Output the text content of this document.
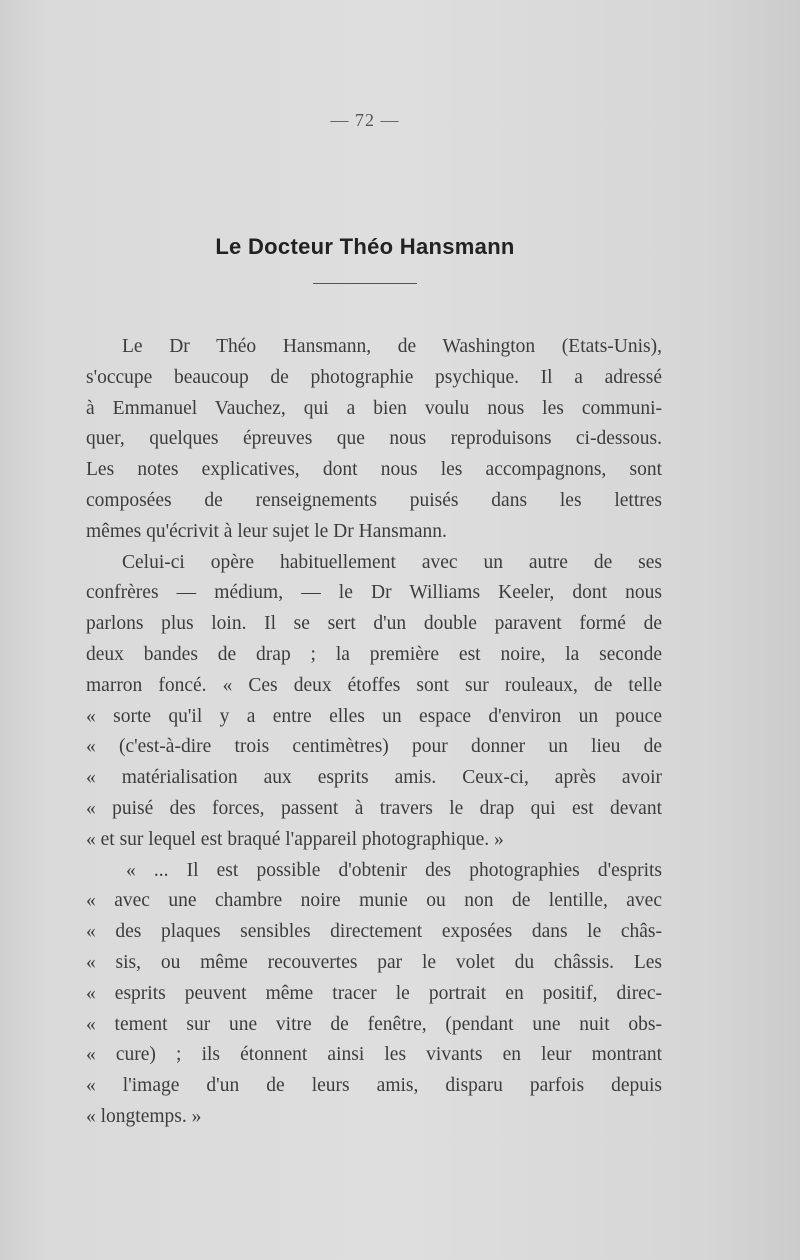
— 72 —
Le Docteur Théo Hansmann
Le Dr Théo Hansmann, de Washington (Etats-Unis),
s'occupe beaucoup de photographie psychique. Il a adressé
à Emmanuel Vauchez, qui a bien voulu nous les communi-
quer, quelques épreuves que nous reproduisons ci-dessous.
Les notes explicatives, dont nous les accompagnons, sont
composées de renseignements puisés dans les lettres
mêmes qu'écrivit à leur sujet le Dr Hansmann.
Celui-ci opère habituellement avec un autre de ses
confrères — médium, — le Dr Williams Keeler, dont nous
parlons plus loin. Il se sert d'un double paravent formé de
deux bandes de drap ; la première est noire, la seconde
marron foncé. « Ces deux étoffes sont sur rouleaux, de telle
« sorte qu'il y a entre elles un espace d'environ un pouce
« (c'est-à-dire trois centimètres) pour donner un lieu de
« matérialisation aux esprits amis. Ceux-ci, après avoir
« puisé des forces, passent à travers le drap qui est devant
« et sur lequel est braqué l'appareil photographique. »
« ... Il est possible d'obtenir des photographies d'esprits
« avec une chambre noire munie ou non de lentille, avec
« des plaques sensibles directement exposées dans le châs-
« sis, ou même recouvertes par le volet du châssis. Les
« esprits peuvent même tracer le portrait en positif, direc-
« tement sur une vitre de fenêtre, (pendant une nuit obs-
« cure) ; ils étonnent ainsi les vivants en leur montrant
« l'image d'un de leurs amis, disparu parfois depuis
« longtemps. »
